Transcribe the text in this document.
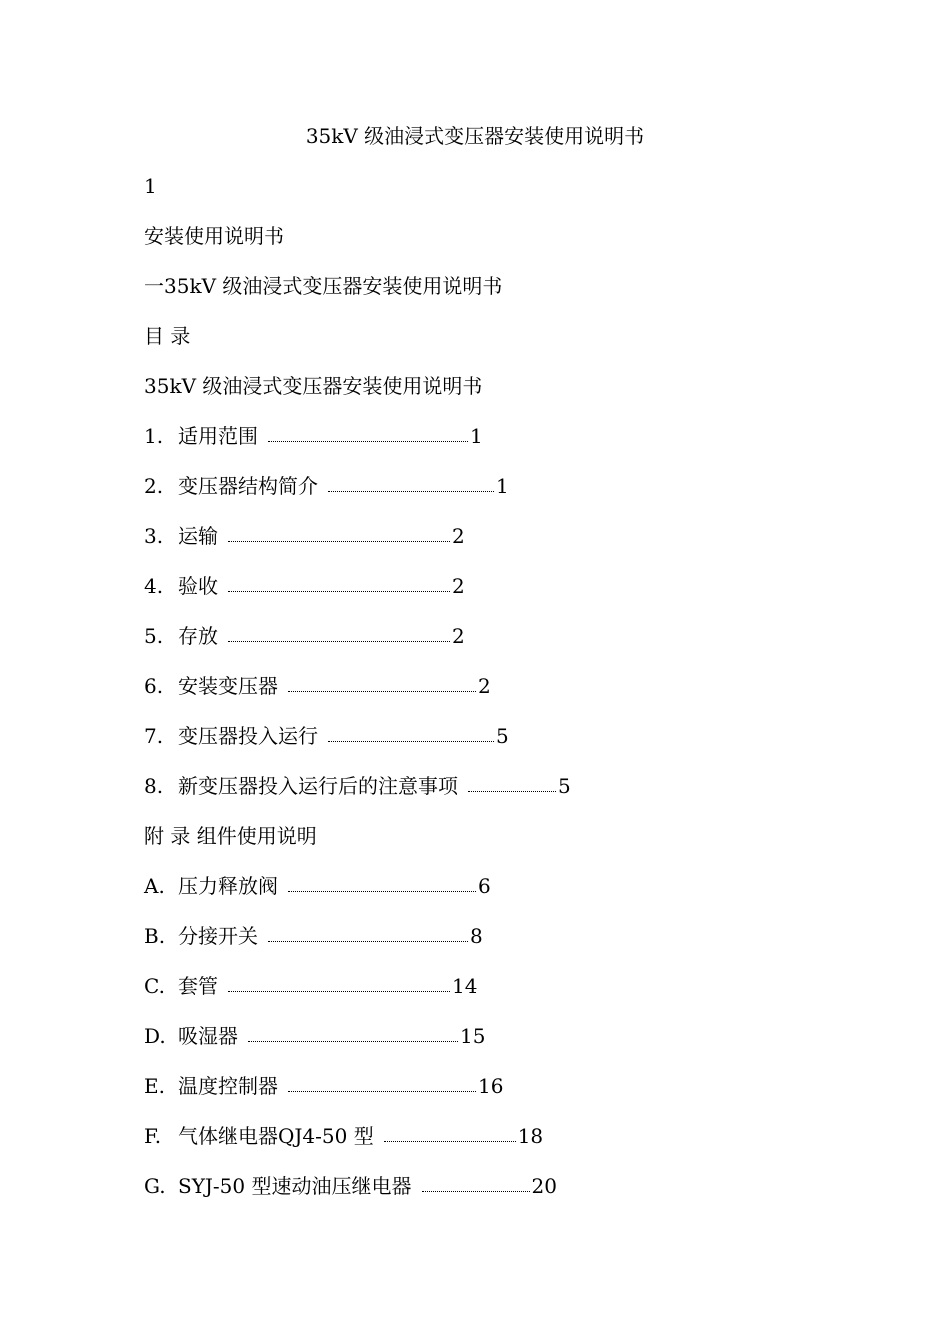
35kV 级油浸式变压器安装使用说明书
1
安装使用说明书
一35kV 级油浸式变压器安装使用说明书
目 录
35kV 级油浸式变压器安装使用说明书
1. 适用范围	1
2. 变压器结构简介	1
3. 运输	2
4. 验收	2
5. 存放	2
6. 安装变压器	2
7. 变压器投入运行	5
8. 新变压器投入运行后的注意事项	5
附 录 组件使用说明
A. 压力释放阀	6
B. 分接开关	8
C. 套管	14
D. 吸湿器	15
E. 温度控制器	16
F. 气体继电器QJ4-50 型	18
G. SYJ-50 型速动油压继电器	20
